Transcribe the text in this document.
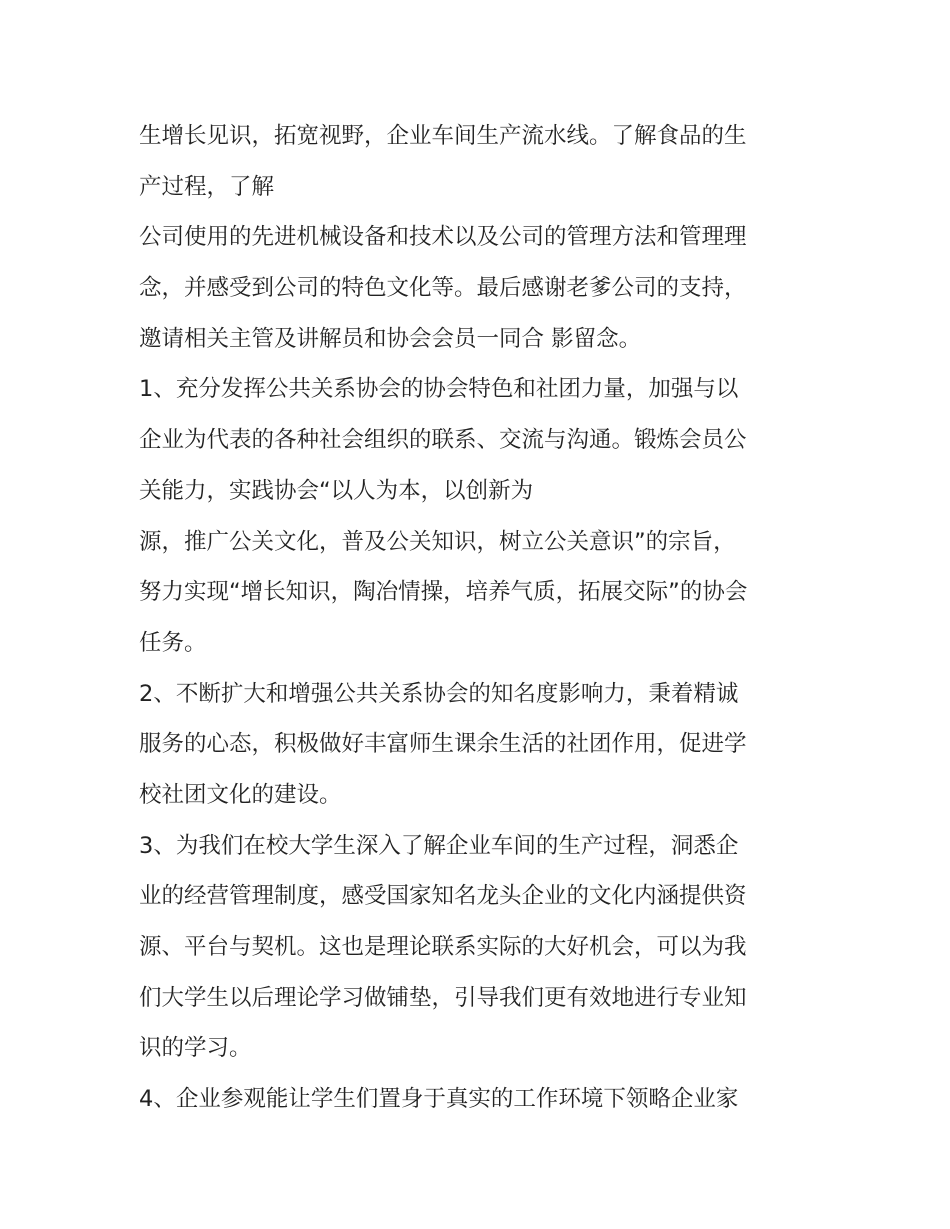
生增长见识，拓宽视野，企业车间生产流水线。了解食品的生
产过程，了解
公司使用的先进机械设备和技术以及公司的管理方法和管理理
念，并感受到公司的特色文化等。最后感谢老爹公司的支持，
邀请相关主管及讲解员和协会会员一同合 影留念。
1、充分发挥公共关系协会的协会特色和社团力量，加强与以
企业为代表的各种社会组织的联系、交流与沟通。锻炼会员公
关能力，实践协会“以人为本，以创新为
源，推广公关文化，普及公关知识，树立公关意识”的宗旨，
努力实现“增长知识，陶冶情操，培养气质，拓展交际”的协会
任务。
2、不断扩大和增强公共关系协会的知名度影响力，秉着精诚
服务的心态，积极做好丰富师生课余生活的社团作用，促进学
校社团文化的建设。
3、为我们在校大学生深入了解企业车间的生产过程，洞悉企
业的经营管理制度，感受国家知名龙头企业的文化内涵提供资
源、平台与契机。这也是理论联系实际的大好机会，可以为我
们大学生以后理论学习做铺垫，引导我们更有效地进行专业知
识的学习。
4、企业参观能让学生们置身于真实的工作环境下领略企业家
